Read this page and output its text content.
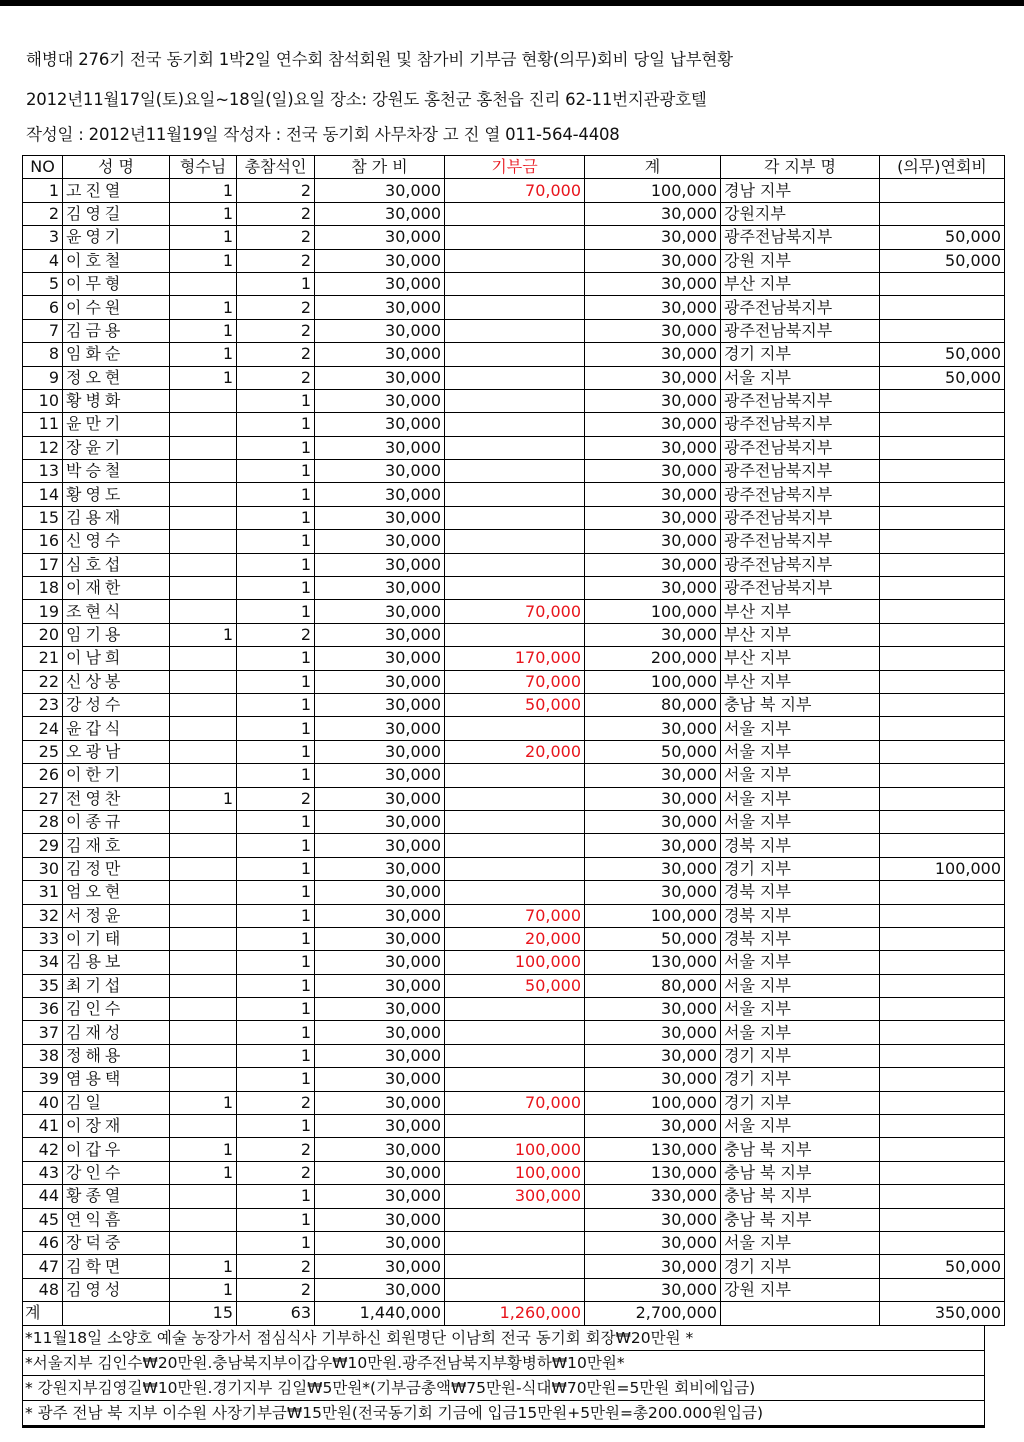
해병대 276기 전국 동기회 1박2일 연수회 참석회원 및 참가비 기부금 현황(의무)회비 당일 납부현황
2012년11월17일(토)요일~18일(일)요일 장소: 강원도 홍천군 홍천읍 진리 62-11번지관광호텔
작성일 : 2012년11월19일 작성자 : 전국 동기회 사무차장 고 진 열 011-564-4408
NO	성 명	형수님	총참석인	참 가 비	기부금	계	각 지부 명	(의무)연회비
1	고진열	1	2	30,000	70,000	100,000	경남 지부	
2	김영길	1	2	30,000		30,000	강원지부	
3	윤영기	1	2	30,000		30,000	광주전남북지부	50,000
4	이호철	1	2	30,000		30,000	강원 지부	50,000
5	이무형		1	30,000		30,000	부산 지부	
6	이수원	1	2	30,000		30,000	광주전남북지부	
7	김금용	1	2	30,000		30,000	광주전남북지부	
8	임화순	1	2	30,000		30,000	경기 지부	50,000
9	정오현	1	2	30,000		30,000	서울 지부	50,000
10	황병화		1	30,000		30,000	광주전남북지부	
11	윤만기		1	30,000		30,000	광주전남북지부	
12	장윤기		1	30,000		30,000	광주전남북지부	
13	박승철		1	30,000		30,000	광주전남북지부	
14	황영도		1	30,000		30,000	광주전남북지부	
15	김용재		1	30,000		30,000	광주전남북지부	
16	신영수		1	30,000		30,000	광주전남북지부	
17	심호섭		1	30,000		30,000	광주전남북지부	
18	이재한		1	30,000		30,000	광주전남북지부	
19	조현식		1	30,000	70,000	100,000	부산 지부	
20	임기용	1	2	30,000		30,000	부산 지부	
21	이남희		1	30,000	170,000	200,000	부산 지부	
22	신상봉		1	30,000	70,000	100,000	부산 지부	
23	강성수		1	30,000	50,000	80,000	충남 북 지부	
24	윤갑식		1	30,000		30,000	서울 지부	
25	오광남		1	30,000	20,000	50,000	서울 지부	
26	이한기		1	30,000		30,000	서울 지부	
27	전영찬	1	2	30,000		30,000	서울 지부	
28	이종규		1	30,000		30,000	서울 지부	
29	김재호		1	30,000		30,000	경북 지부	
30	김정만		1	30,000		30,000	경기 지부	100,000
31	엄오현		1	30,000		30,000	경북 지부	
32	서정윤		1	30,000	70,000	100,000	경북 지부	
33	이기태		1	30,000	20,000	50,000	경북 지부	
34	김용보		1	30,000	100,000	130,000	서울 지부	
35	최기섭		1	30,000	50,000	80,000	서울 지부	
36	김인수		1	30,000		30,000	서울 지부	
37	김재성		1	30,000		30,000	서울 지부	
38	정해용		1	30,000		30,000	경기 지부	
39	염용택		1	30,000		30,000	경기 지부	
40	김일	1	2	30,000	70,000	100,000	경기 지부	
41	이장재		1	30,000		30,000	서울 지부	
42	이갑우	1	2	30,000	100,000	130,000	충남 북 지부	
43	강인수	1	2	30,000	100,000	130,000	충남 북 지부	
44	황종열		1	30,000	300,000	330,000	충남 북 지부	
45	연익흠		1	30,000		30,000	충남 북 지부	
46	장덕중		1	30,000		30,000	서울 지부	
47	김학면	1	2	30,000		30,000	경기 지부	50,000
48	김영성	1	2	30,000		30,000	강원 지부	
계		15	63	1,440,000	1,260,000	2,700,000		350,000
*11월18일 소양호 예술 농장가서 점심식사 기부하신 회원명단 이남희 전국 동기회 회장₩20만원 *
*서울지부 김인수₩20만원.충남북지부이갑우₩10만원.광주전남북지부황병하₩10만원*
* 강원지부김영길₩10만원.경기지부 김일₩5만원*(기부금총액₩75만원-식대₩70만원=5만원 회비에입금)
* 광주 전남 북 지부 이수원 사장기부금₩15만원(전국동기회 기금에 입금15만원+5만원=총200.000원입금)
